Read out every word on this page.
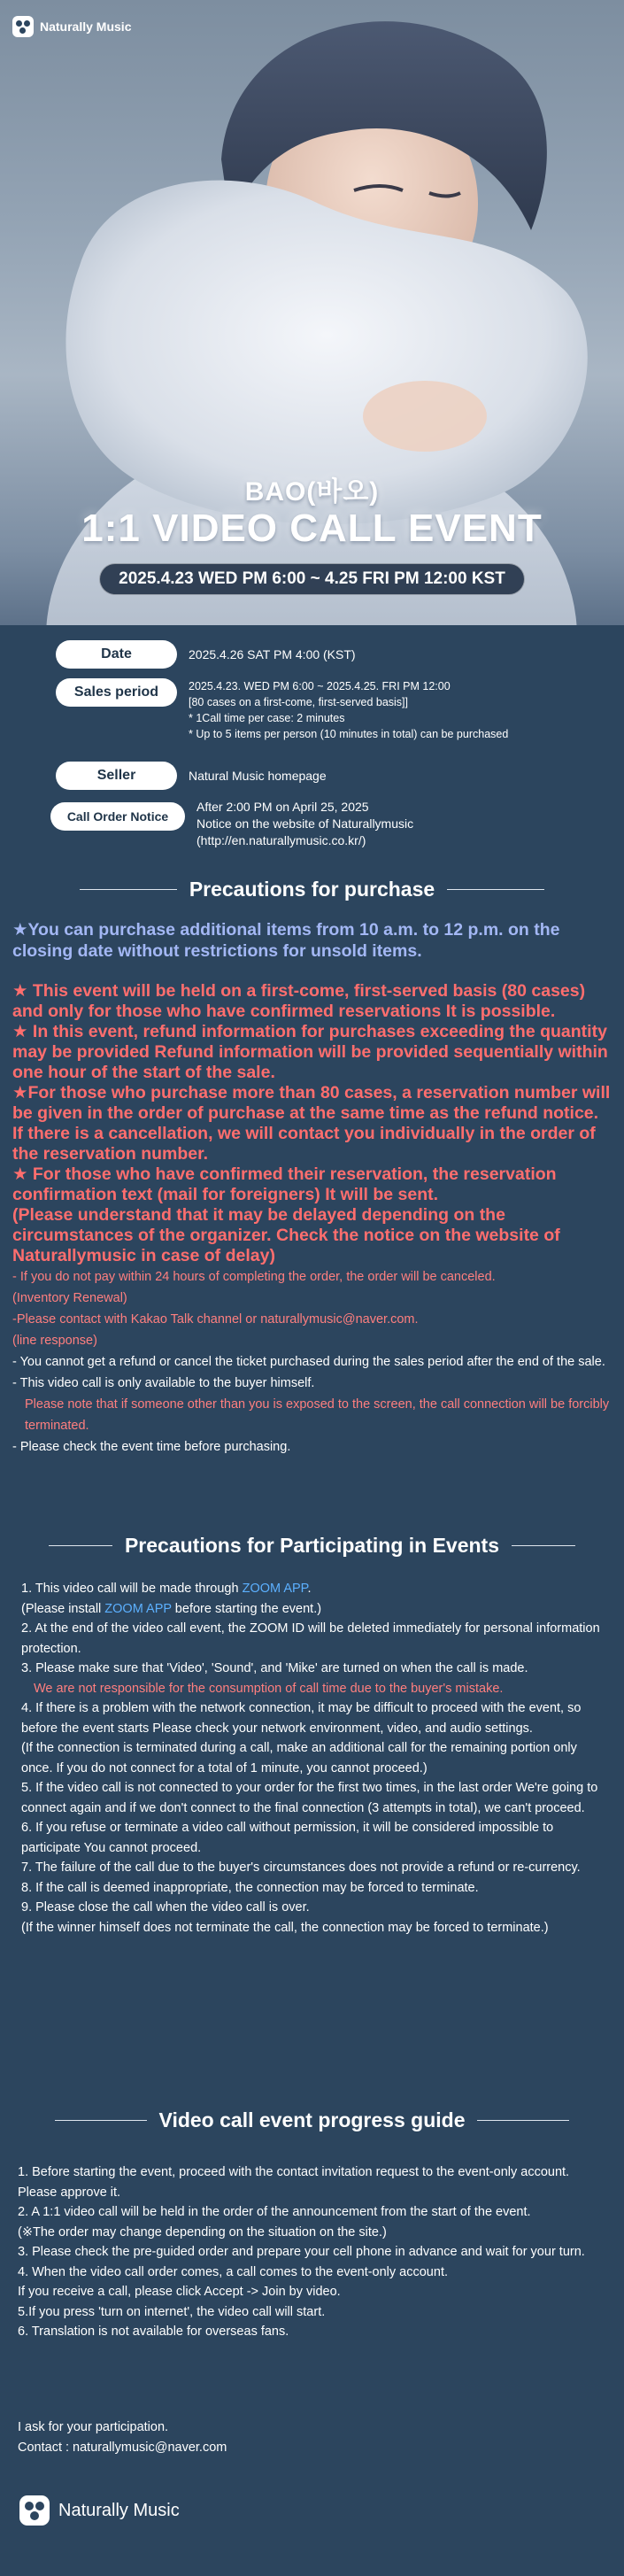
Naturally Music
BAO(바오)
1:1 VIDEO CALL EVENT
2025.4.23 WED PM 6:00 ~ 4.25 FRI PM 12:00 KST
Date	2025.4.26 SAT PM 4:00 (KST)
Sales period	2025.4.23. WED PM 6:00 ~ 2025.4.25. FRI PM 12:00
[80 cases on a first-come, first-served basis]]
* 1Call time per case: 2 minutes
* Up to 5 items per person (10 minutes in total) can be purchased
Seller	Natural Music homepage
Call Order Notice
After 2:00 PM on April 25, 2025
Notice on the website of Naturallymusic
(http://en.naturallymusic.co.kr/)
Precautions for purchase
★You can purchase additional items from 10 a.m. to 12 p.m. on the closing date without restrictions for unsold items.
★ This event will be held on a first-come, first-served basis (80 cases) and only for those who have confirmed reservations It is possible.
★ In this event, refund information for purchases exceeding the quantity may be provided Refund information will be provided sequentially within one hour of the start of the sale.
★For those who purchase more than 80 cases, a reservation number will be given in the order of purchase at the same time as the refund notice. If there is a cancellation, we will contact you individually in the order of the reservation number.
★ For those who have confirmed their reservation, the reservation confirmation text (mail for foreigners) It will be sent.
(Please understand that it may be delayed depending on the circumstances of the organizer. Check the notice on the website of Naturallymusic in case of delay)
- If you do not pay within 24 hours of completing the order, the order will be canceled.
(Inventory Renewal)
-Please contact with Kakao Talk channel or naturallymusic@naver.com.
(line response)
- You cannot get a refund or cancel the ticket purchased during the sales period after the end of the sale.
- This video call is only available to the buyer himself.
Please note that if someone other than you is exposed to the screen, the call connection will be forcibly terminated.
- Please check the event time before purchasing.
Precautions for Participating in Events
1. This video call will be made through ZOOM APP.
(Please install ZOOM APP before starting the event.)
2. At the end of the video call event, the ZOOM ID will be deleted immediately for personal information protection.
3. Please make sure that 'Video', 'Sound', and 'Mike' are turned on when the call is made.
We are not responsible for the consumption of call time due to the buyer's mistake.
4. If there is a problem with the network connection, it may be difficult to proceed with the event, so before the event starts Please check your network environment, video, and audio settings.
(If the connection is terminated during a call, make an additional call for the remaining portion only once. If you do not connect for a total of 1 minute, you cannot proceed.)
5. If the video call is not connected to your order for the first two times, in the last order We're going to connect again and if we don't connect to the final connection (3 attempts in total), we can't proceed.
6. If you refuse or terminate a video call without permission, it will be considered impossible to participate You cannot proceed.
7. The failure of the call due to the buyer's circumstances does not provide a refund or re-currency.
8. If the call is deemed inappropriate, the connection may be forced to terminate.
9. Please close the call when the video call is over.
(If the winner himself does not terminate the call, the connection may be forced to terminate.)
Video call event progress guide
1. Before starting the event, proceed with the contact invitation request to the event-only account. Please approve it.
2. A 1:1 video call will be held in the order of the announcement from the start of the event.
(※The order may change depending on the situation on the site.)
3. Please check the pre-guided order and prepare your cell phone in advance and wait for your turn.
4. When the video call order comes, a call comes to the event-only account.
If you receive a call, please click Accept -> Join by video.
5.If you press 'turn on internet', the video call will start.
6. Translation is not available for overseas fans.
I ask for your participation.
Contact : naturallymusic@naver.com
Naturally Music
